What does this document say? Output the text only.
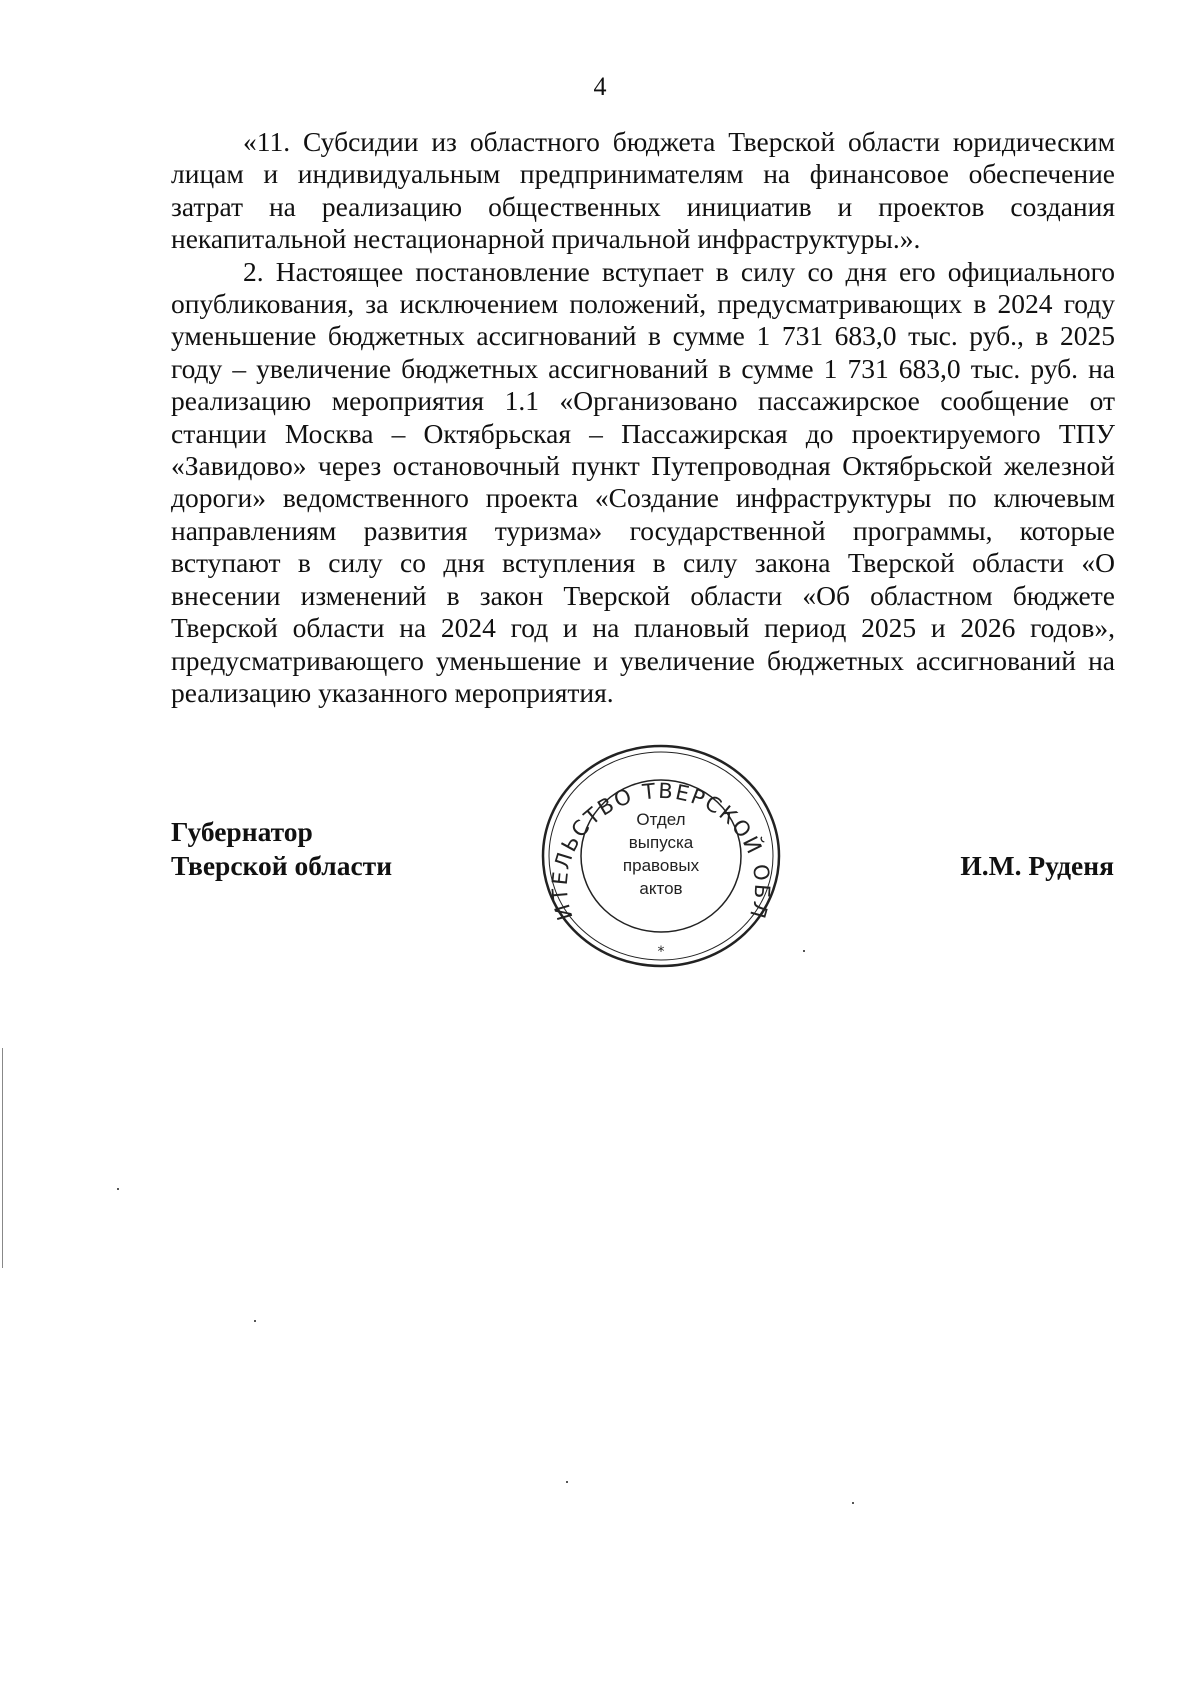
4

«11. Субсидии из областного бюджета Тверской области юридическим лицам и индивидуальным предпринимателям на финансовое обеспечение затрат на реализацию общественных инициатив и проектов создания некапитальной нестационарной причальной инфраструктуры.».

2. Настоящее постановление вступает в силу со дня его официального опубликования, за исключением положений, предусматривающих в 2024 году уменьшение бюджетных ассигнований в сумме 1 731 683,0 тыс. руб., в 2025 году – увеличение бюджетных ассигнований в сумме 1 731 683,0 тыс. руб. на реализацию мероприятия 1.1 «Организовано пассажирское сообщение от станции Москва – Октябрьская – Пассажирская до проектируемого ТПУ «Завидово» через остановочный пункт Путепроводная Октябрьской железной дороги» ведомственного проекта «Создание инфраструктуры по ключевым направлениям развития туризма» государственной программы, которые вступают в силу со дня вступления в силу закона Тверской области «О внесении изменений в закон Тверской области «Об областном бюджете Тверской области на 2024 год и на плановый период 2025 и 2026 годов», предусматривающего уменьшение и увеличение бюджетных ассигнований на реализацию указанного мероприятия.

Губернатор
Тверской области	И.М. Руденя
ИТЕЛЬСТВО ТВЕРСКОЙ ОБЛ
*
Отдел
выпуска
правовых
актов
